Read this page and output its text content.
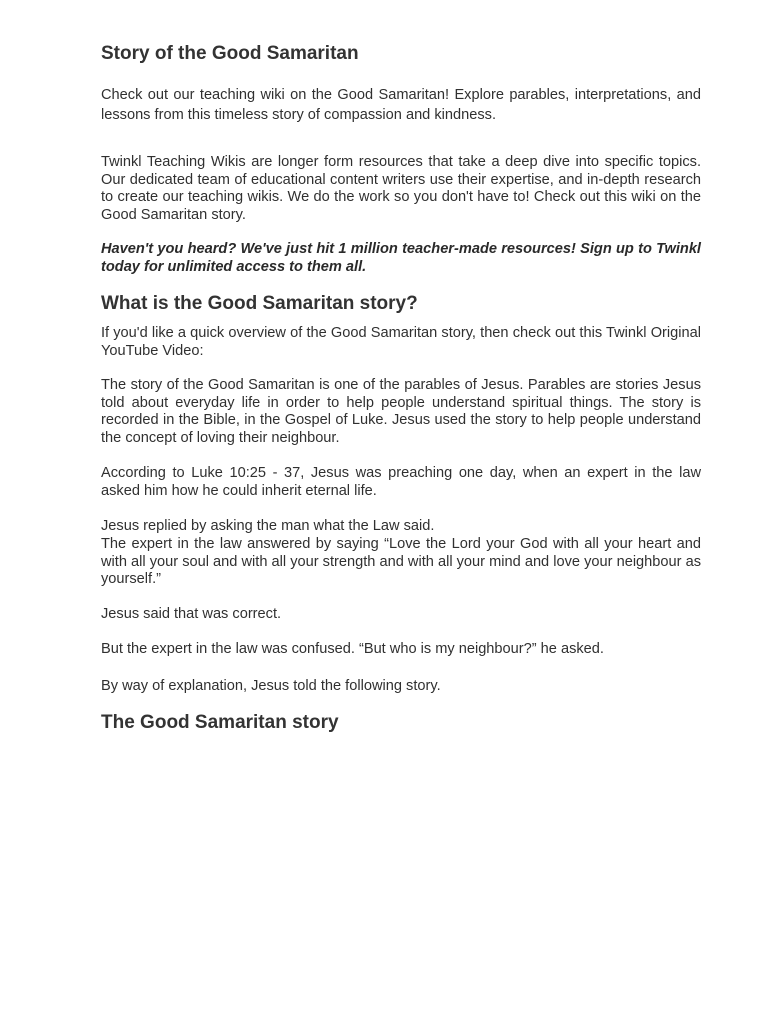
Story of the Good Samaritan

Check out our teaching wiki on the Good Samaritan! Explore parables, interpretations, and lessons from this timeless story of compassion and kindness.

Twinkl Teaching Wikis are longer form resources that take a deep dive into specific topics. Our dedicated team of educational content writers use their expertise, and in-depth research to create our teaching wikis. We do the work so you don't have to! Check out this wiki on the Good Samaritan story.

Haven't you heard? We've just hit 1 million teacher-made resources! Sign up to Twinkl today for unlimited access to them all.

What is the Good Samaritan story?

If you'd like a quick overview of the Good Samaritan story, then check out this Twinkl Original YouTube Video:

The story of the Good Samaritan is one of the parables of Jesus. Parables are stories Jesus told about everyday life in order to help people understand spiritual things. The story is recorded in the Bible, in the Gospel of Luke. Jesus used the story to help people understand the concept of loving their neighbour.

According to Luke 10:25 - 37, Jesus was preaching one day, when an expert in the law asked him how he could inherit eternal life.

Jesus replied by asking the man what the Law said.

The expert in the law answered by saying “Love the Lord your God with all your heart and with all your soul and with all your strength and with all your mind and love your neighbour as yourself.”

Jesus said that was correct.

But the expert in the law was confused. “But who is my neighbour?” he asked.

By way of explanation, Jesus told the following story.

The Good Samaritan story
